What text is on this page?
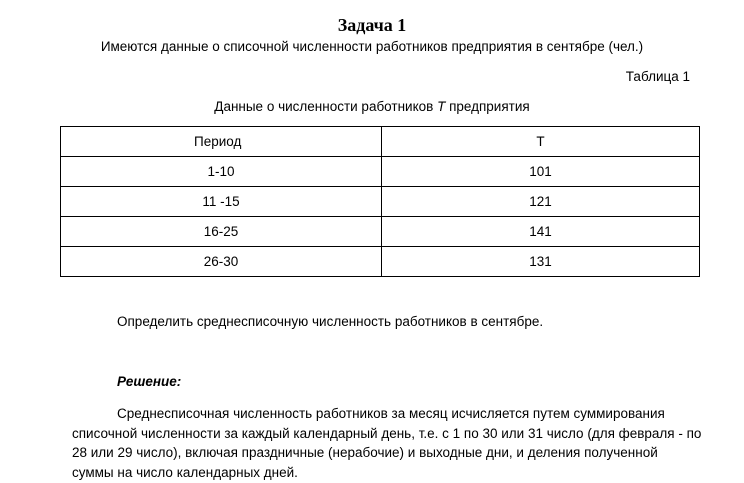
Задача 1
Имеются данные о списочной численности работников предприятия в сентябре (чел.)
Таблица 1
Данные о численности работников T предприятия
Период	T
1-10	101
11 -15	121
16-25	141
26-30	131
Определить среднесписочную численность работников в сентябре.
Решение:
Среднесписочная численность работников за месяц исчисляется путем суммирования списочной численности за каждый календарный день, т.е. с 1 по 30 или 31 число (для февраля - по 28 или 29 число), включая праздничные (нерабочие) и выходные дни, и деления полученной суммы на число календарных дней.
